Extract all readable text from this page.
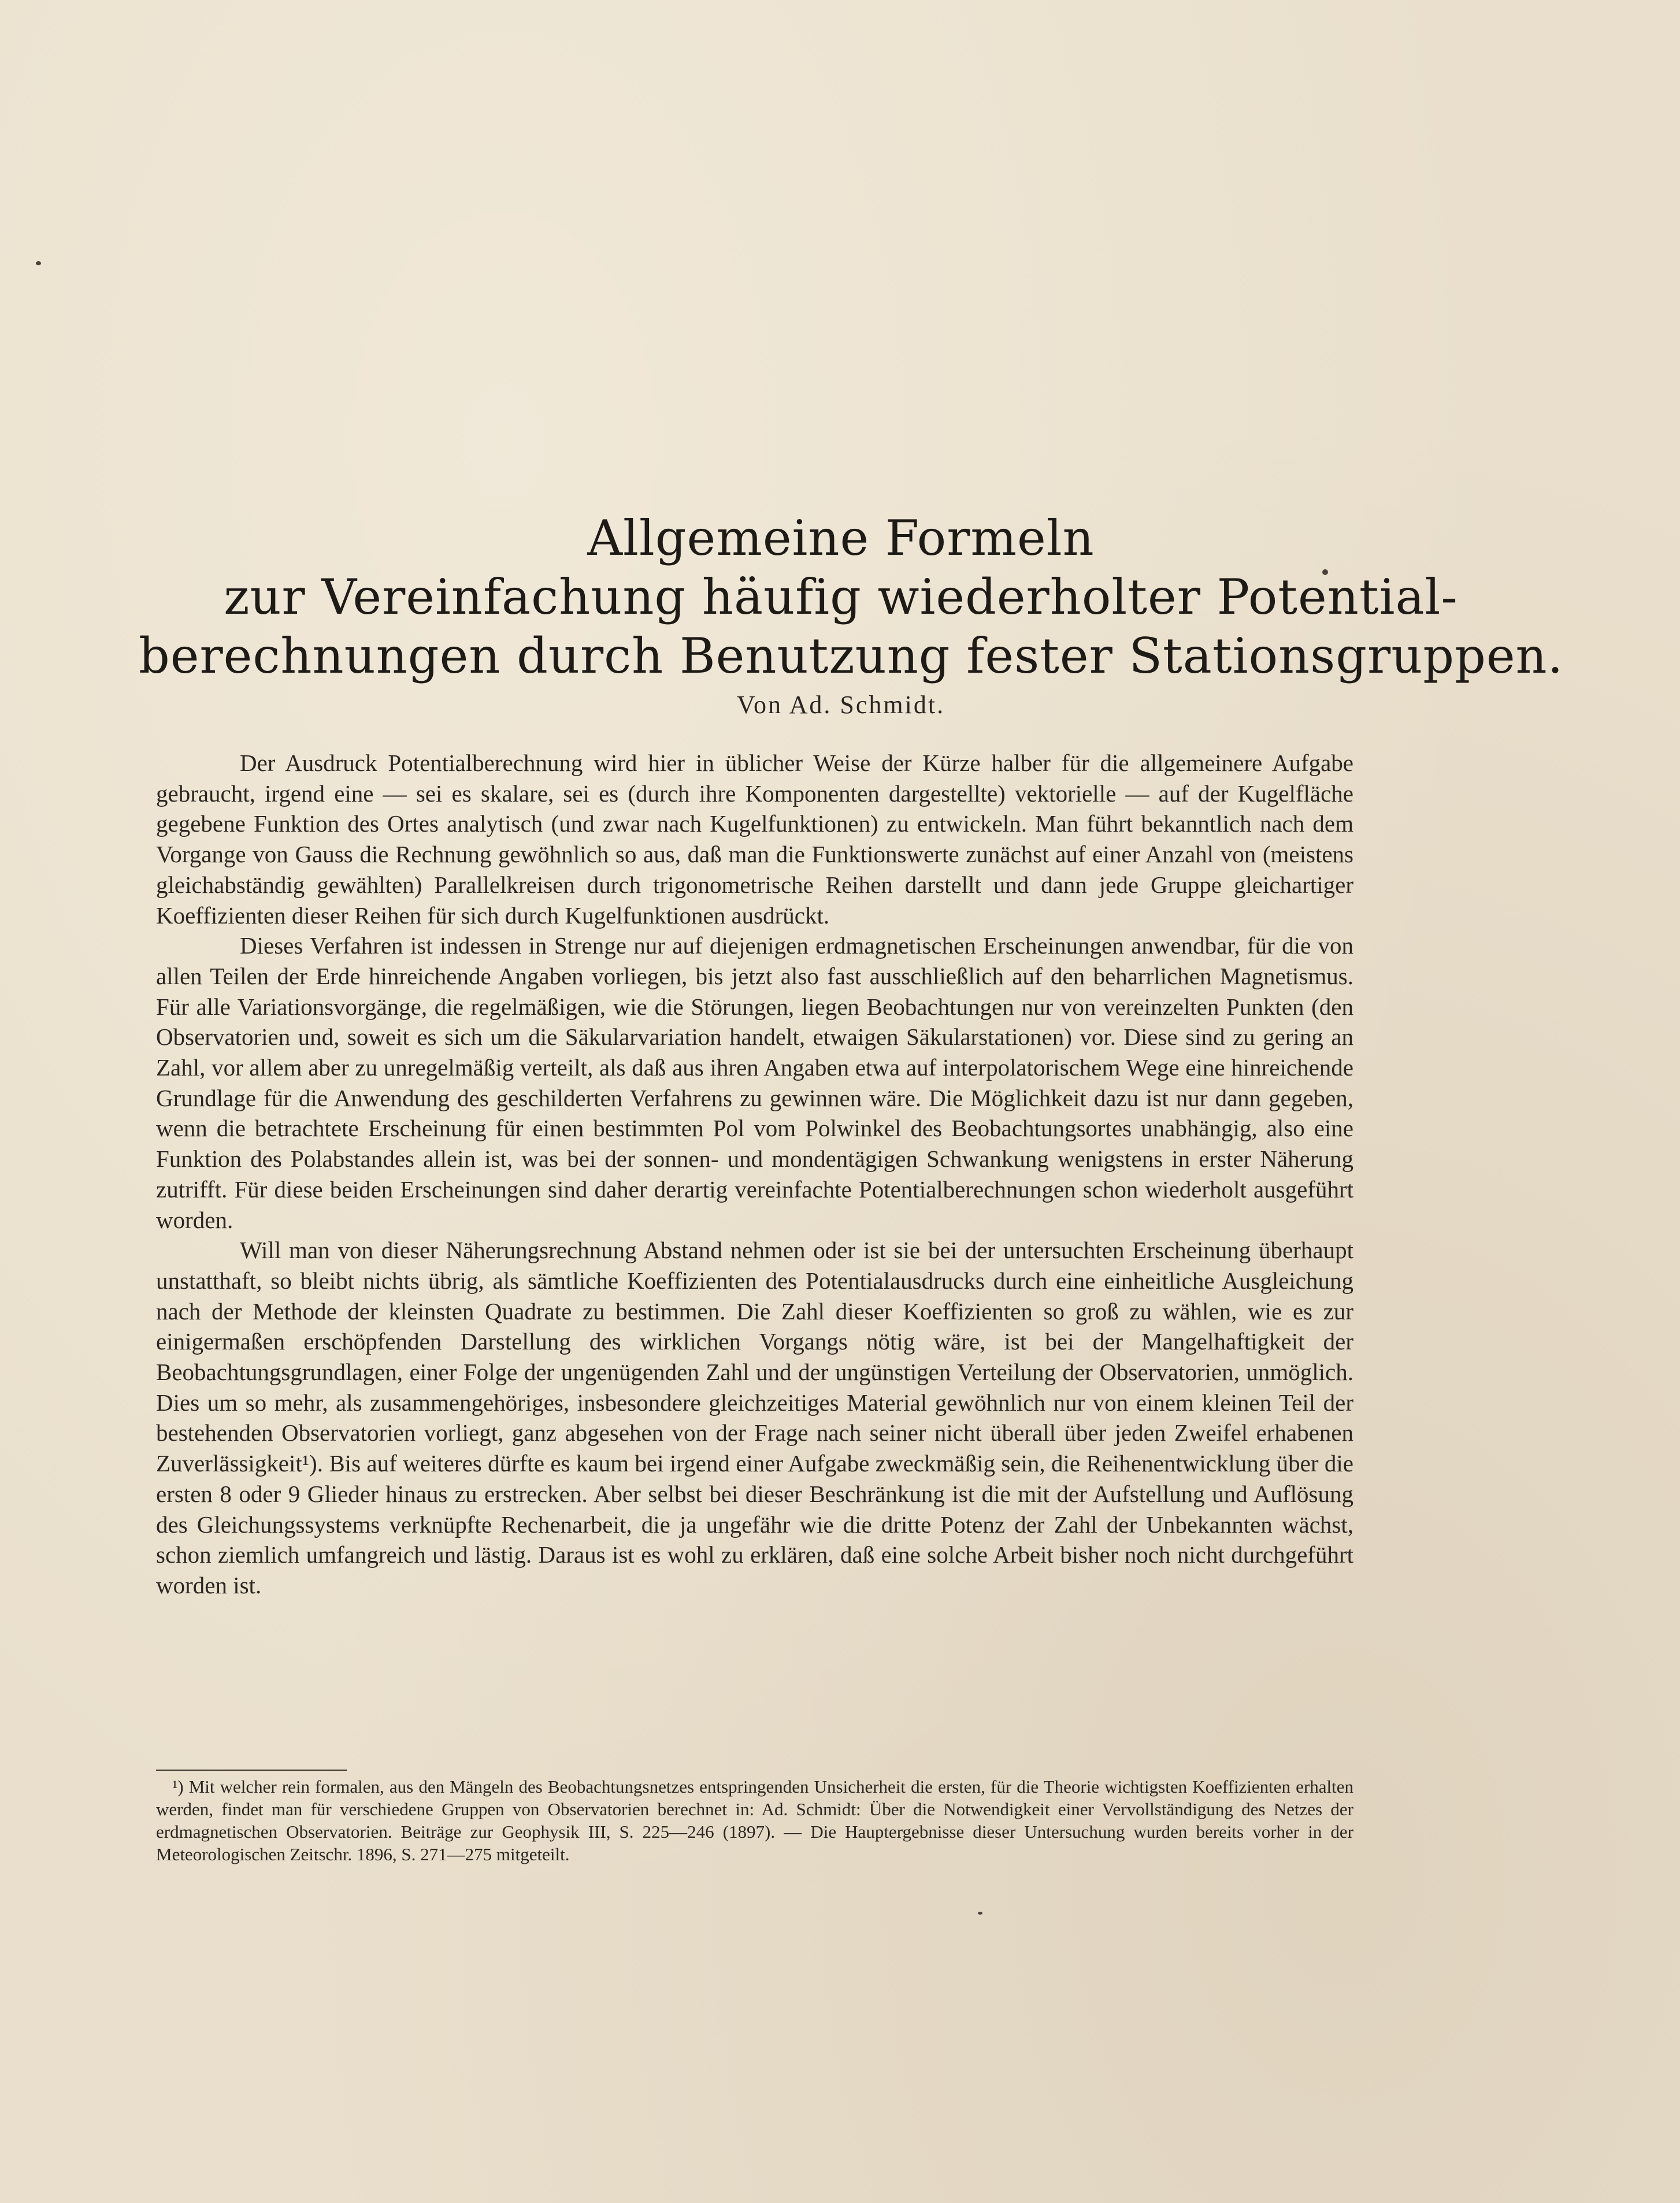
Allgemeine Formeln
zur Vereinfachung häufig wiederholter Potential-
berechnungen durch Benutzung fester Stationsgruppen.
Von Ad. Schmidt.

Der Ausdruck Potentialberechnung wird hier in üblicher Weise der Kürze halber für die allgemeinere Aufgabe gebraucht, irgend eine — sei es skalare, sei es (durch ihre Komponenten dargestellte) vektorielle — auf der Kugelfläche gegebene Funktion des Ortes analytisch (und zwar nach Kugelfunktionen) zu entwickeln. Man führt bekanntlich nach dem Vorgange von Gauss die Rechnung gewöhnlich so aus, daß man die Funktionswerte zunächst auf einer Anzahl von (meistens gleichabständig gewählten) Parallelkreisen durch trigonometrische Reihen darstellt und dann jede Gruppe gleichartiger Koeffizienten dieser Reihen für sich durch Kugelfunktionen ausdrückt.

Dieses Verfahren ist indessen in Strenge nur auf diejenigen erdmagnetischen Erscheinungen anwendbar, für die von allen Teilen der Erde hinreichende Angaben vorliegen, bis jetzt also fast ausschließlich auf den beharrlichen Magnetismus. Für alle Variationsvorgänge, die regelmäßigen, wie die Störungen, liegen Beobachtungen nur von vereinzelten Punkten (den Observatorien und, soweit es sich um die Säkularvariation handelt, etwaigen Säkularstationen) vor. Diese sind zu gering an Zahl, vor allem aber zu unregelmäßig verteilt, als daß aus ihren Angaben etwa auf interpolatorischem Wege eine hinreichende Grundlage für die Anwendung des geschilderten Verfahrens zu gewinnen wäre. Die Möglichkeit dazu ist nur dann gegeben, wenn die betrachtete Erscheinung für einen bestimmten Pol vom Polwinkel des Beobachtungsortes unabhängig, also eine Funktion des Polabstandes allein ist, was bei der sonnen- und mondentägigen Schwankung wenigstens in erster Näherung zutrifft. Für diese beiden Erscheinungen sind daher derartig vereinfachte Potentialberechnungen schon wiederholt ausgeführt worden.

Will man von dieser Näherungsrechnung Abstand nehmen oder ist sie bei der untersuchten Erscheinung überhaupt unstatthaft, so bleibt nichts übrig, als sämtliche Koeffizienten des Potentialausdrucks durch eine einheitliche Ausgleichung nach der Methode der kleinsten Quadrate zu bestimmen. Die Zahl dieser Koeffizienten so groß zu wählen, wie es zur einigermaßen erschöpfenden Darstellung des wirklichen Vorgangs nötig wäre, ist bei der Mangelhaftigkeit der Beobachtungsgrundlagen, einer Folge der ungenügenden Zahl und der ungünstigen Verteilung der Observatorien, unmöglich. Dies um so mehr, als zusammengehöriges, insbesondere gleichzeitiges Material gewöhnlich nur von einem kleinen Teil der bestehenden Observatorien vorliegt, ganz abgesehen von der Frage nach seiner nicht überall über jeden Zweifel erhabenen Zuverlässigkeit¹). Bis auf weiteres dürfte es kaum bei irgend einer Aufgabe zweckmäßig sein, die Reihenentwicklung über die ersten 8 oder 9 Glieder hinaus zu erstrecken. Aber selbst bei dieser Beschränkung ist die mit der Aufstellung und Auflösung des Gleichungssystems verknüpfte Rechenarbeit, die ja ungefähr wie die dritte Potenz der Zahl der Unbekannten wächst, schon ziemlich umfangreich und lästig. Daraus ist es wohl zu erklären, daß eine solche Arbeit bisher noch nicht durchgeführt worden ist.

¹) Mit welcher rein formalen, aus den Mängeln des Beobachtungsnetzes entspringenden Unsicherheit die ersten, für die Theorie wichtigsten Koeffizienten erhalten werden, findet man für verschiedene Gruppen von Observatorien berechnet in: Ad. Schmidt: Über die Notwendigkeit einer Vervollständigung des Netzes der erdmagnetischen Observatorien. Beiträge zur Geophysik III, S. 225—246 (1897). — Die Hauptergebnisse dieser Untersuchung wurden bereits vorher in der Meteorologischen Zeitschr. 1896, S. 271—275 mitgeteilt.
